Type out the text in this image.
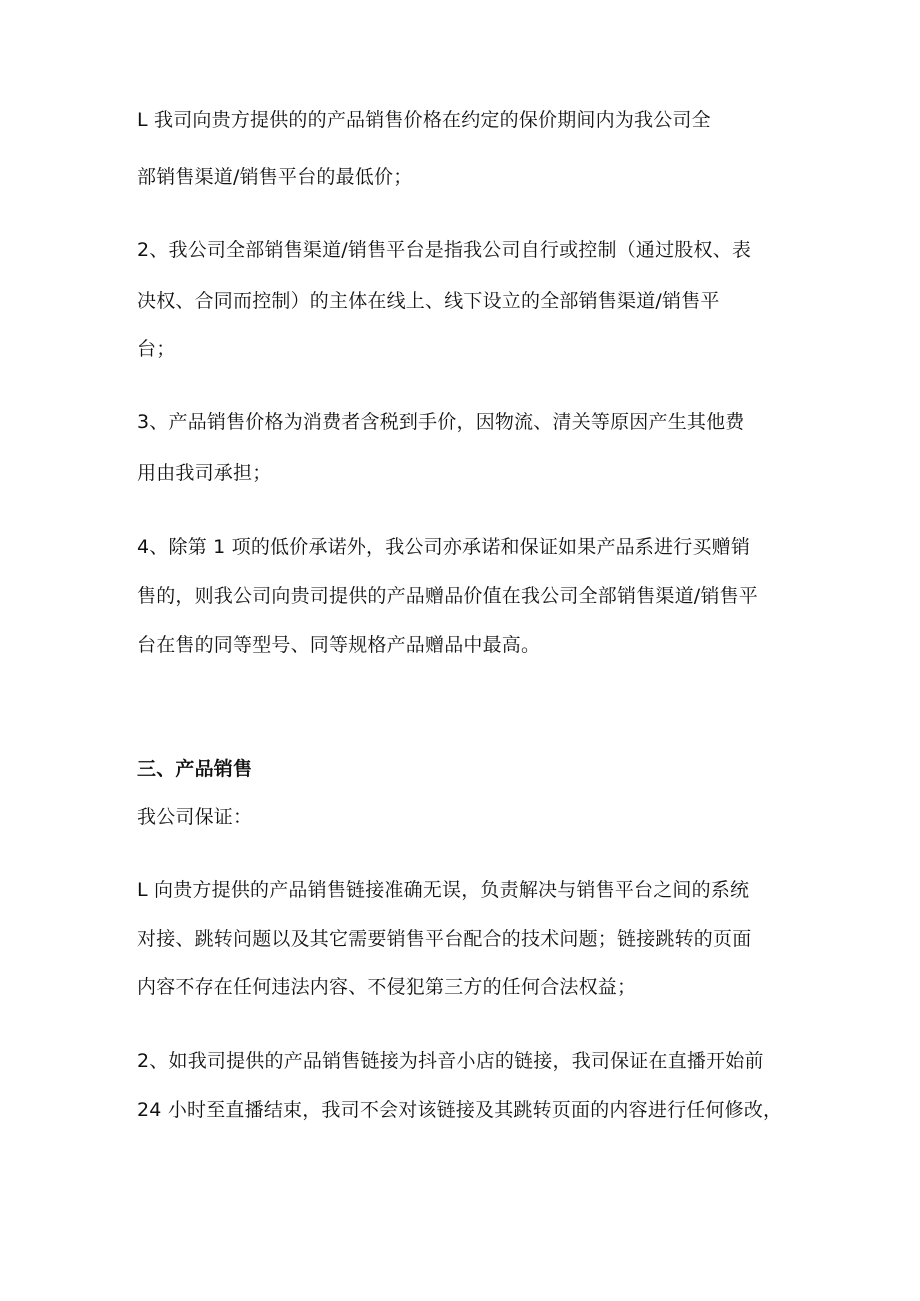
L 我司向贵方提供的的产品销售价格在约定的保价期间内为我公司全
部销售渠道/销售平台的最低价；
2、我公司全部销售渠道/销售平台是指我公司自行或控制（通过股权、表
决权、合同而控制）的主体在线上、线下设立的全部销售渠道/销售平
台；
3、产品销售价格为消费者含税到手价，因物流、清关等原因产生其他费
用由我司承担；
4、除第 1 项的低价承诺外，我公司亦承诺和保证如果产品系进行买赠销
售的，则我公司向贵司提供的产品赠品价值在我公司全部销售渠道/销售平
台在售的同等型号、同等规格产品赠品中最高。
三、产品销售
我公司保证：
L 向贵方提供的产品销售链接准确无误，负责解决与销售平台之间的系统
对接、跳转问题以及其它需要销售平台配合的技术问题；链接跳转的页面
内容不存在任何违法内容、不侵犯第三方的任何合法权益；
2、如我司提供的产品销售链接为抖音小店的链接，我司保证在直播开始前
24 小时至直播结束，我司不会对该链接及其跳转页面的内容进行任何修改，
